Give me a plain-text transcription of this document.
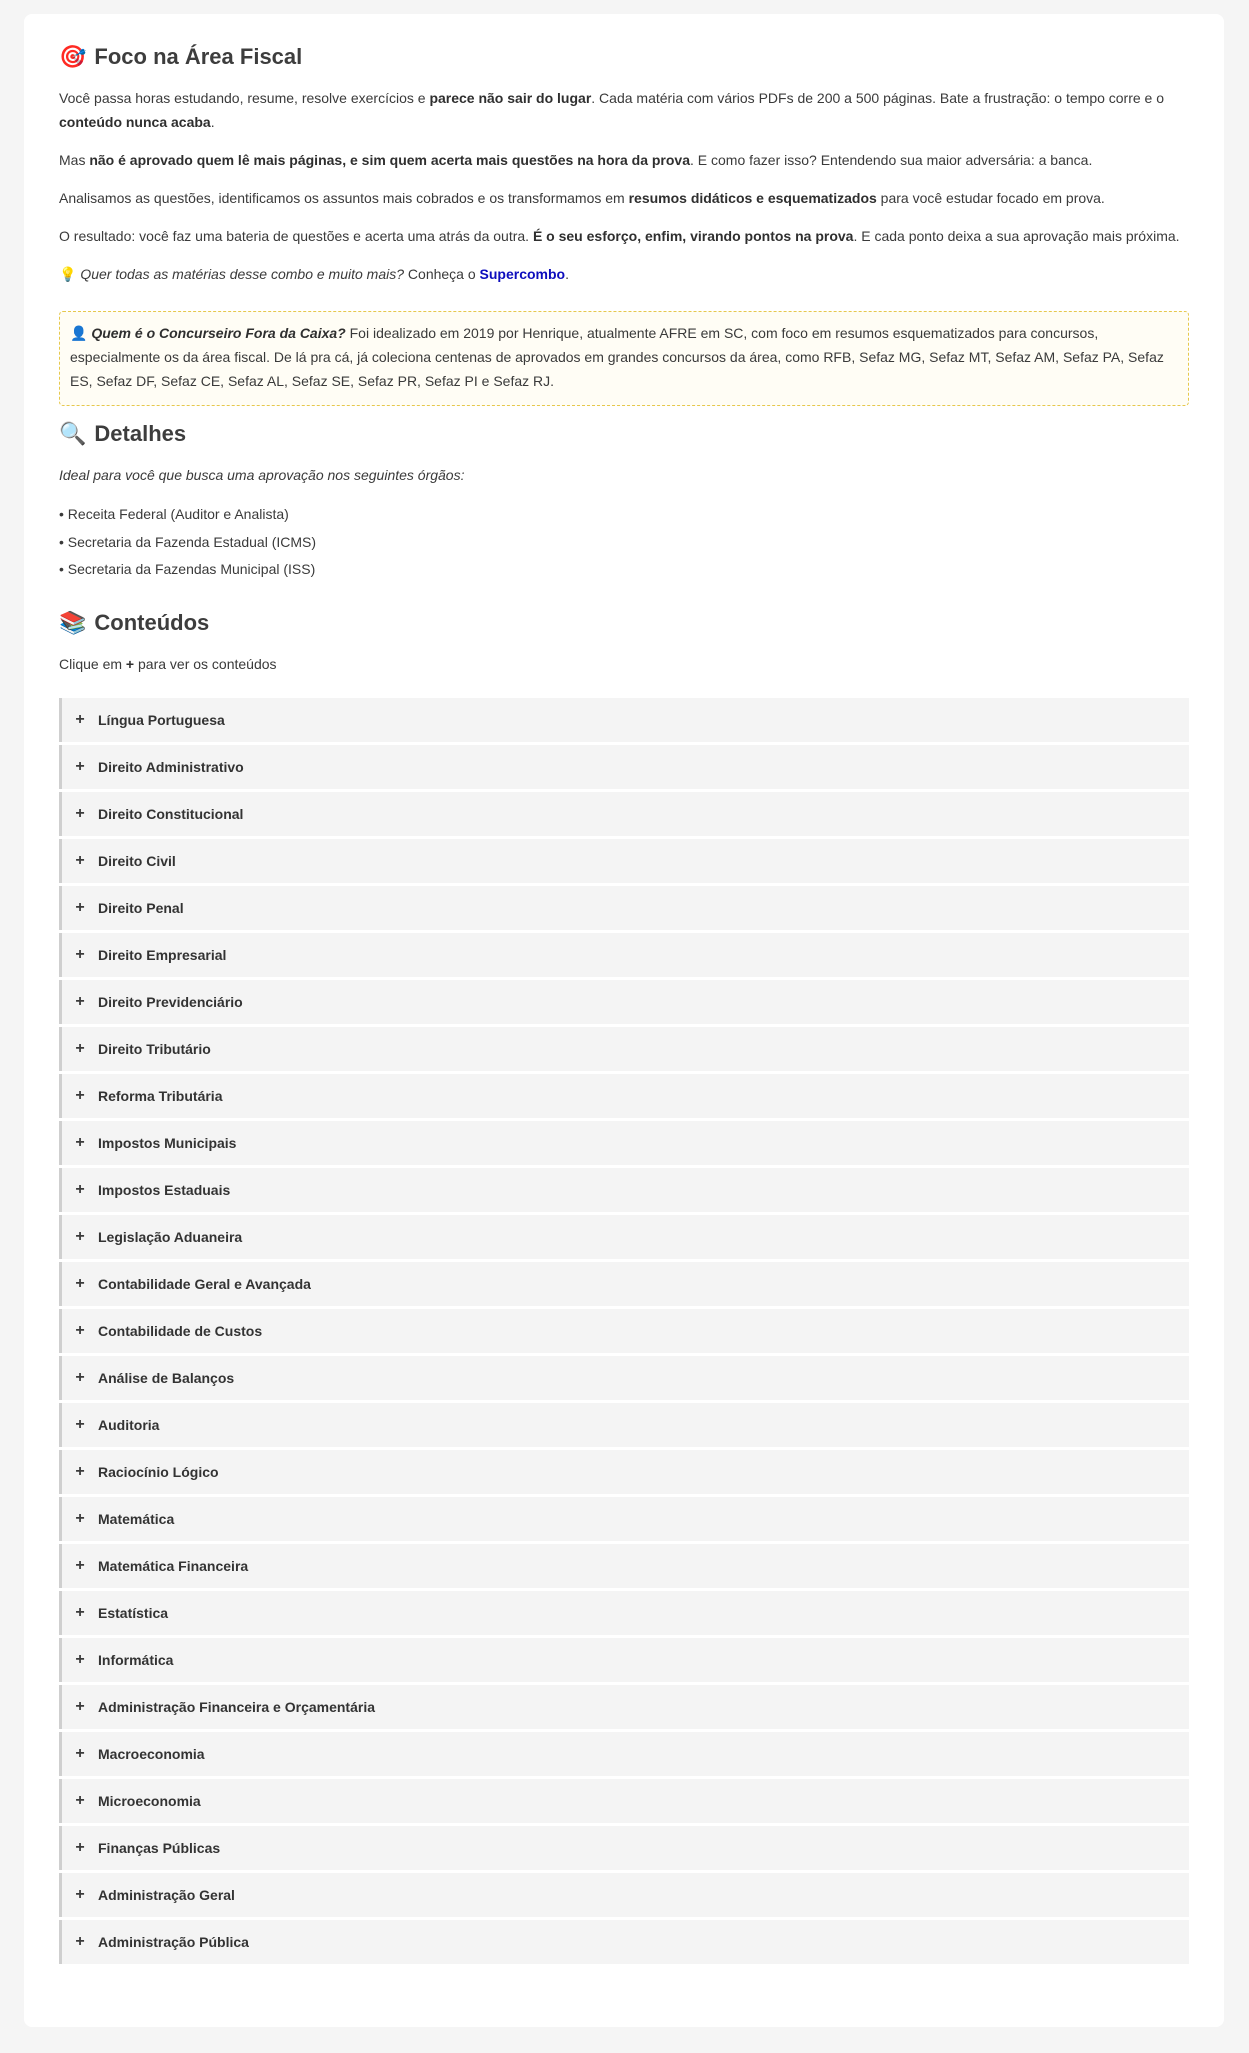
🎯 Foco na Área Fiscal

Você passa horas estudando, resume, resolve exercícios e parece não sair do lugar. Cada matéria com vários PDFs de 200 a 500 páginas. Bate a frustração: o tempo corre e o conteúdo nunca acaba.

Mas não é aprovado quem lê mais páginas, e sim quem acerta mais questões na hora da prova. E como fazer isso? Entendendo sua maior adversária: a banca.

Analisamos as questões, identificamos os assuntos mais cobrados e os transformamos em resumos didáticos e esquematizados para você estudar focado em prova.

O resultado: você faz uma bateria de questões e acerta uma atrás da outra. É o seu esforço, enfim, virando pontos na prova. E cada ponto deixa a sua aprovação mais próxima.

💡 Quer todas as matérias desse combo e muito mais? Conheça o Supercombo.

👤 Quem é o Concurseiro Fora da Caixa? Foi idealizado em 2019 por Henrique, atualmente AFRE em SC, com foco em resumos esquematizados para concursos, especialmente os da área fiscal. De lá pra cá, já coleciona centenas de aprovados em grandes concursos da área, como RFB, Sefaz MG, Sefaz MT, Sefaz AM, Sefaz PA, Sefaz ES, Sefaz DF, Sefaz CE, Sefaz AL, Sefaz SE, Sefaz PR, Sefaz PI e Sefaz RJ.
🔍 Detalhes

Ideal para você que busca uma aprovação nos seguintes órgãos:

• Receita Federal (Auditor e Analista)
• Secretaria da Fazenda Estadual (ICMS)
• Secretaria da Fazendas Municipal (ISS)
📚 Conteúdos

Clique em + para ver os conteúdos

+ Língua Portuguesa
+ Direito Administrativo
+ Direito Constitucional
+ Direito Civil
+ Direito Penal
+ Direito Empresarial
+ Direito Previdenciário
+ Direito Tributário
+ Reforma Tributária
+ Impostos Municipais
+ Impostos Estaduais
+ Legislação Aduaneira
+ Contabilidade Geral e Avançada
+ Contabilidade de Custos
+ Análise de Balanços
+ Auditoria
+ Raciocínio Lógico
+ Matemática
+ Matemática Financeira
+ Estatística
+ Informática
+ Administração Financeira e Orçamentária
+ Macroeconomia
+ Microeconomia
+ Finanças Públicas
+ Administração Geral
+ Administração Pública
